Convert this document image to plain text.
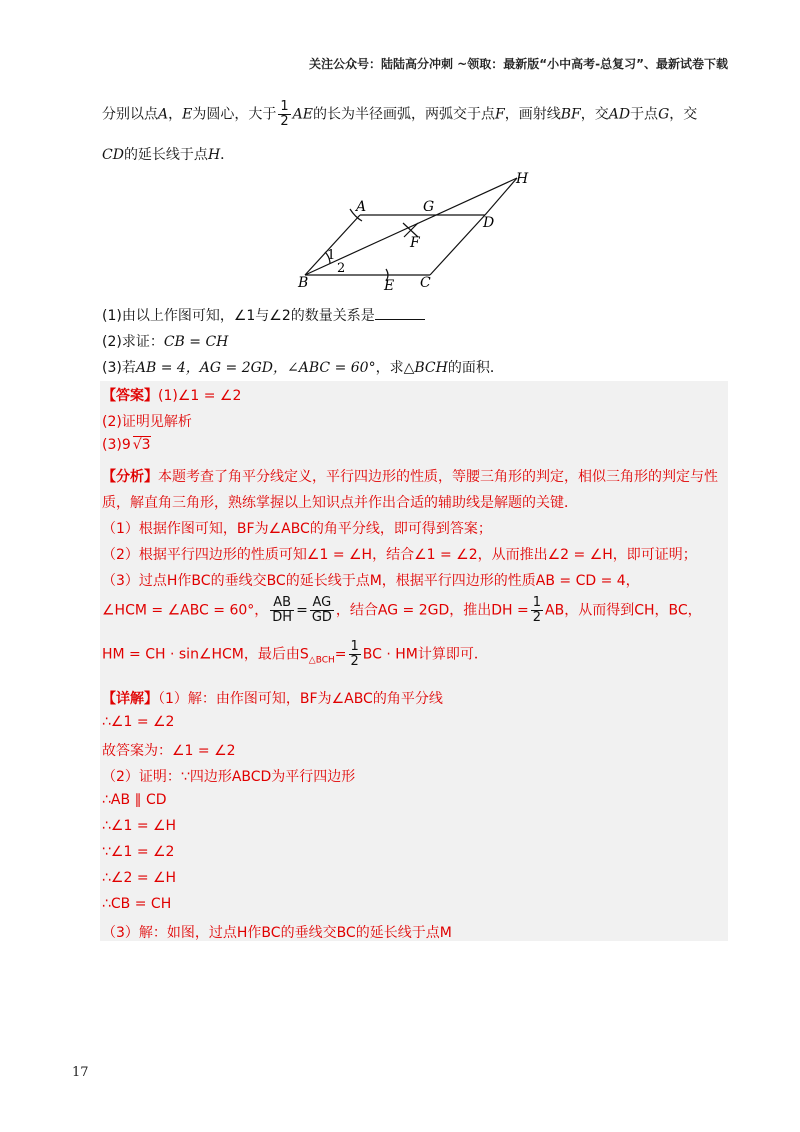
关注公众号：陆陆高分冲刺 ~领取：最新版“小中高考-总复习”、最新试卷下载
分别以点A，E为圆心，大于 $\frac{1}{2}$ AE的长为半径画弧，两弧交于点F，画射线BF，交AD于点G，交
CD的延长线于点H．
A	G
D
H
F
B	E C
1
2
(1)由以上作图可知，∠1与∠2的数量关系是
(2)求证：CB = CH
(3)若AB = 4，AG = 2GD，∠ABC = 60°，求△BCH的面积．
【答案】(1)∠1 = ∠2
(2)证明见解析
(3)9 √3
【分析】本题考查了角平分线定义，平行四边形的性质，等腰三角形的判定，相似三角形的判定与性
质，解直角三角形，熟练掌握以上知识点并作出合适的辅助线是解题的关键．
（1）根据作图可知，BF为∠ABC的角平分线，即可得到答案；
（2）根据平行四边形的性质可知∠1 = ∠H，结合∠1 = ∠2，从而推出∠2 = ∠H，即可证明；
（3）过点H作BC的垂线交BC的延长线于点M，根据平行四边形的性质AB = CD = 4，
∠HCM = ∠ABC = 60°， $\frac{AB}{DH} = \frac{AG}{GD}$ ，结合AG = 2GD，推出DH = $\frac{1}{2}$ AB，从而得到CH，BC，
HM = CH · sin∠HCM，最后由$S_{\triangle BCH}= \frac{1}{2}$ BC · HM计算即可．
【详解】（1）解：由作图可知，BF为∠ABC的角平分线
∴∠1 = ∠2
故答案为：∠1 = ∠2
（2）证明：∵四边形ABCD为平行四边形
∴AB ∥ CD
∴∠1 = ∠H
∵∠1 = ∠2
∴∠2 = ∠H
∴CB = CH
（3）解：如图，过点H作BC的垂线交BC的延长线于点M
17
